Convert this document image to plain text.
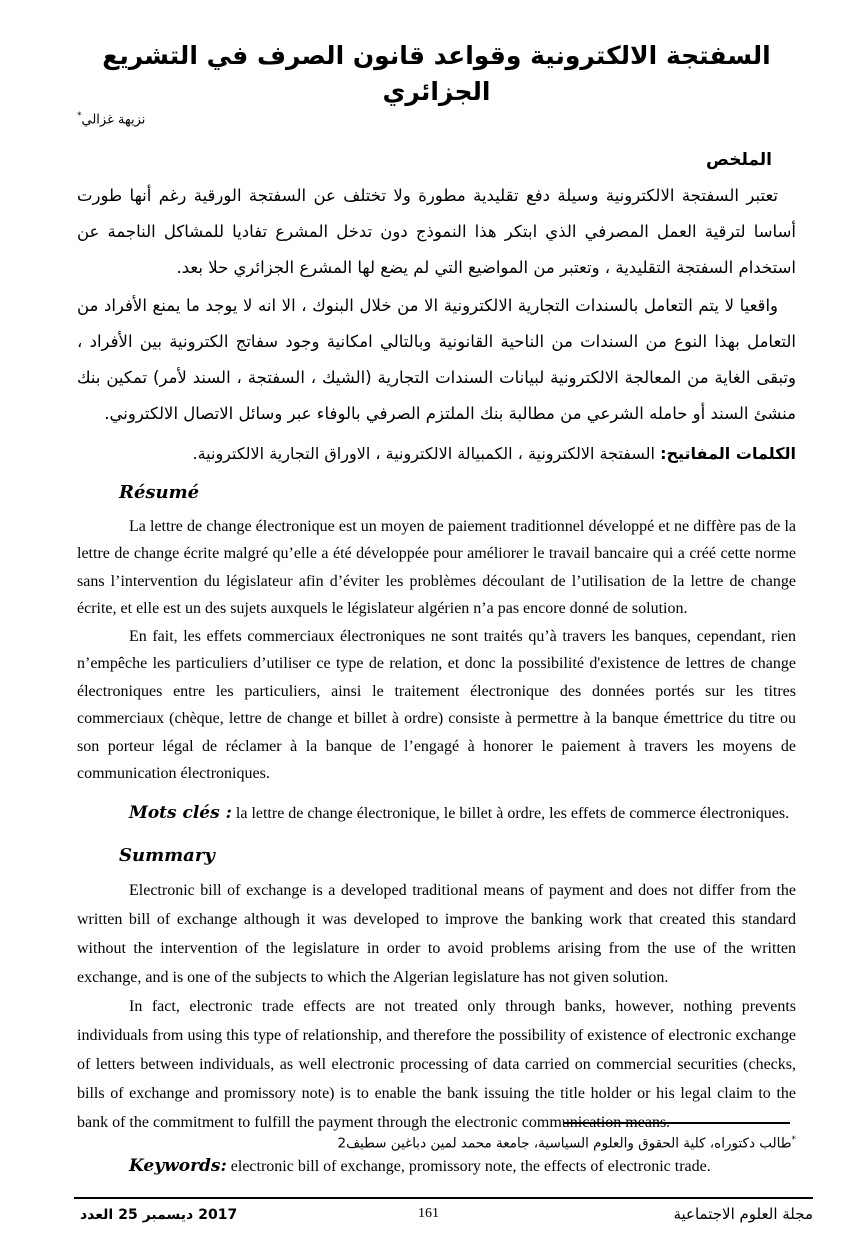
السفتجة الالكترونية وقواعد قانون الصرف في التشريع الجزائري
نزيهة غزالي*
الملخص

تعتبر السفتجة الالكترونية وسيلة دفع تقليدية مطورة ولا تختلف عن السفتجة الورقية رغم أنها طورت أساسا لترقية العمل المصرفي الذي ابتكر هذا النموذج دون تدخل المشرع تفاديا للمشاكل الناجمة عن استخدام السفتجة التقليدية ، وتعتبر من المواضيع التي لم يضع لها المشرع الجزائري حلا بعد.

واقعيا لا يتم التعامل بالسندات التجارية الالكترونية الا من خلال البنوك ، الا انه لا يوجد ما يمنع الأفراد من التعامل بهذا النوع من السندات من الناحية القانونية وبالتالي امكانية وجود سفاتج الكترونية بين الأفراد ، وتبقى الغاية من المعالجة الالكترونية لبيانات السندات التجارية (الشيك ، السفتجة ، السند لأمر) تمكين بنك منشئ السند أو حامله الشرعي من مطالبة بنك الملتزم الصرفي بالوفاء عبر وسائل الاتصال الالكتروني.

الكلمات المفاتيح: السفتجة الالكترونية ، الكمبيالة الالكترونية ، الاوراق التجارية الالكترونية.

Résumé

La lettre de change électronique est un moyen de paiement traditionnel développé et ne diffère pas de la lettre de change écrite malgré qu’elle a été développée pour améliorer le travail bancaire qui a créé cette norme sans l’intervention du législateur afin d’éviter les problèmes découlant de l’utilisation de la lettre de change écrite, et elle est un des sujets auxquels le législateur algérien n’a pas encore donné de solution.

En fait, les effets commerciaux électroniques ne sont traités qu’à travers les banques, cependant, rien n’empêche les particuliers d’utiliser ce type de relation, et donc la possibilité d'existence de lettres de change électroniques entre les particuliers, ainsi le traitement électronique des données portés sur les titres commerciaux (chèque, lettre de change et billet à ordre) consiste à permettre à la banque émettrice du titre ou son porteur légal de réclamer à la banque de l’engagé à honorer le paiement à travers les moyens de communication électroniques.

Mots clés : la lettre de change électronique, le billet à ordre, les effets de commerce électroniques.

Summary

Electronic bill of exchange is a developed traditional means of payment and does not differ from the written bill of exchange although it was developed to improve the banking work that created this standard without the intervention of the legislature in order to avoid problems arising from the use of the written exchange, and is one of the subjects to which the Algerian legislature has not given solution.

In fact, electronic trade effects are not treated only through banks, however, nothing prevents individuals from using this type of relationship, and therefore the possibility of existence of electronic exchange of letters between individuals, as well electronic processing of data carried on commercial securities (checks, bills of exchange and promissory note) is to enable the bank issuing the title holder or his legal claim to the bank of the commitment to fulfill the payment through the electronic communication means.

Keywords: electronic bill of exchange, promissory note, the effects of electronic trade.

*طالب دكتوراه، كلية الحقوق والعلوم السياسية، جامعة محمد لمين دباغين سطيف2
العدد 25 ديسمبر 2017	161	مجلة العلوم الاجتماعية
